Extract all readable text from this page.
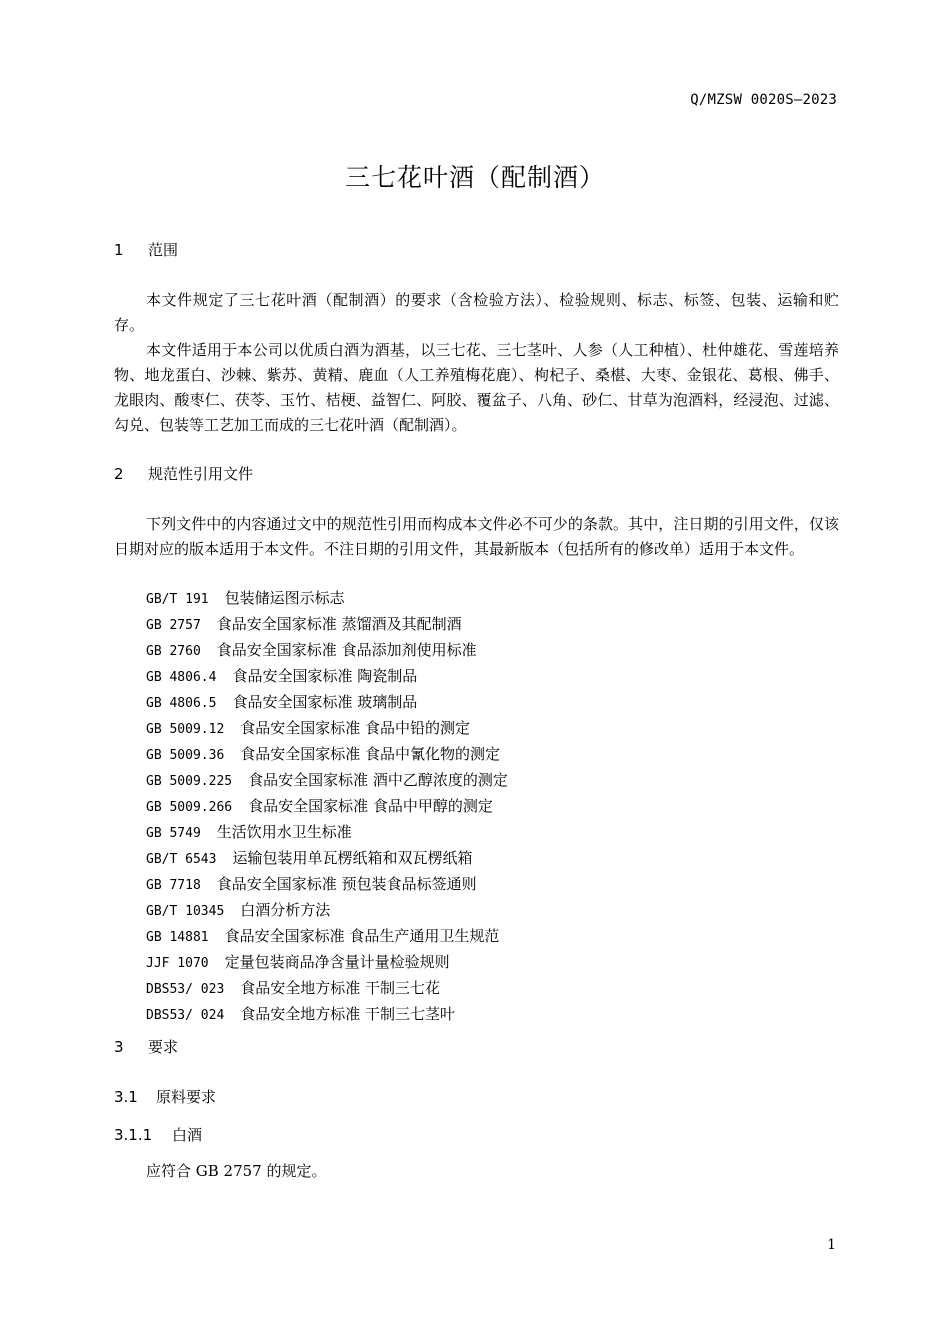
Q/MZSW 0020S—2023
三七花叶酒（配制酒）
1 范围

本文件规定了三七花叶酒（配制酒）的要求（含检验方法）、检验规则、标志、标签、包装、运输和贮存。

本文件适用于本公司以优质白酒为酒基，以三七花、三七茎叶、人参（人工种植）、杜仲雄花、雪莲培养物、地龙蛋白、沙棘、紫苏、黄精、鹿血（人工养殖梅花鹿）、枸杞子、桑椹、大枣、金银花、葛根、佛手、龙眼肉、酸枣仁、茯苓、玉竹、桔梗、益智仁、阿胶、覆盆子、八角、砂仁、甘草为泡酒料，经浸泡、过滤、勾兑、包装等工艺加工而成的三七花叶酒（配制酒）。

2 规范性引用文件

下列文件中的内容通过文中的规范性引用而构成本文件必不可少的条款。其中，注日期的引用文件，仅该日期对应的版本适用于本文件。不注日期的引用文件，其最新版本（包括所有的修改单）适用于本文件。

GB/T 191 包装储运图示标志
GB 2757 食品安全国家标准 蒸馏酒及其配制酒
GB 2760 食品安全国家标准 食品添加剂使用标准
GB 4806.4 食品安全国家标准 陶瓷制品
GB 4806.5 食品安全国家标准 玻璃制品
GB 5009.12 食品安全国家标准 食品中铅的测定
GB 5009.36 食品安全国家标准 食品中氰化物的测定
GB 5009.225 食品安全国家标准 酒中乙醇浓度的测定
GB 5009.266 食品安全国家标准 食品中甲醇的测定
GB 5749 生活饮用水卫生标准
GB/T 6543 运输包装用单瓦楞纸箱和双瓦楞纸箱
GB 7718 食品安全国家标准 预包装食品标签通则
GB/T 10345 白酒分析方法
GB 14881 食品安全国家标准 食品生产通用卫生规范
JJF 1070 定量包装商品净含量计量检验规则
DBS53/ 023 食品安全地方标准 干制三七花
DBS53/ 024 食品安全地方标准 干制三七茎叶
3 要求
3.1 原料要求
3.1.1 白酒
应符合 GB 2757 的规定。
1
